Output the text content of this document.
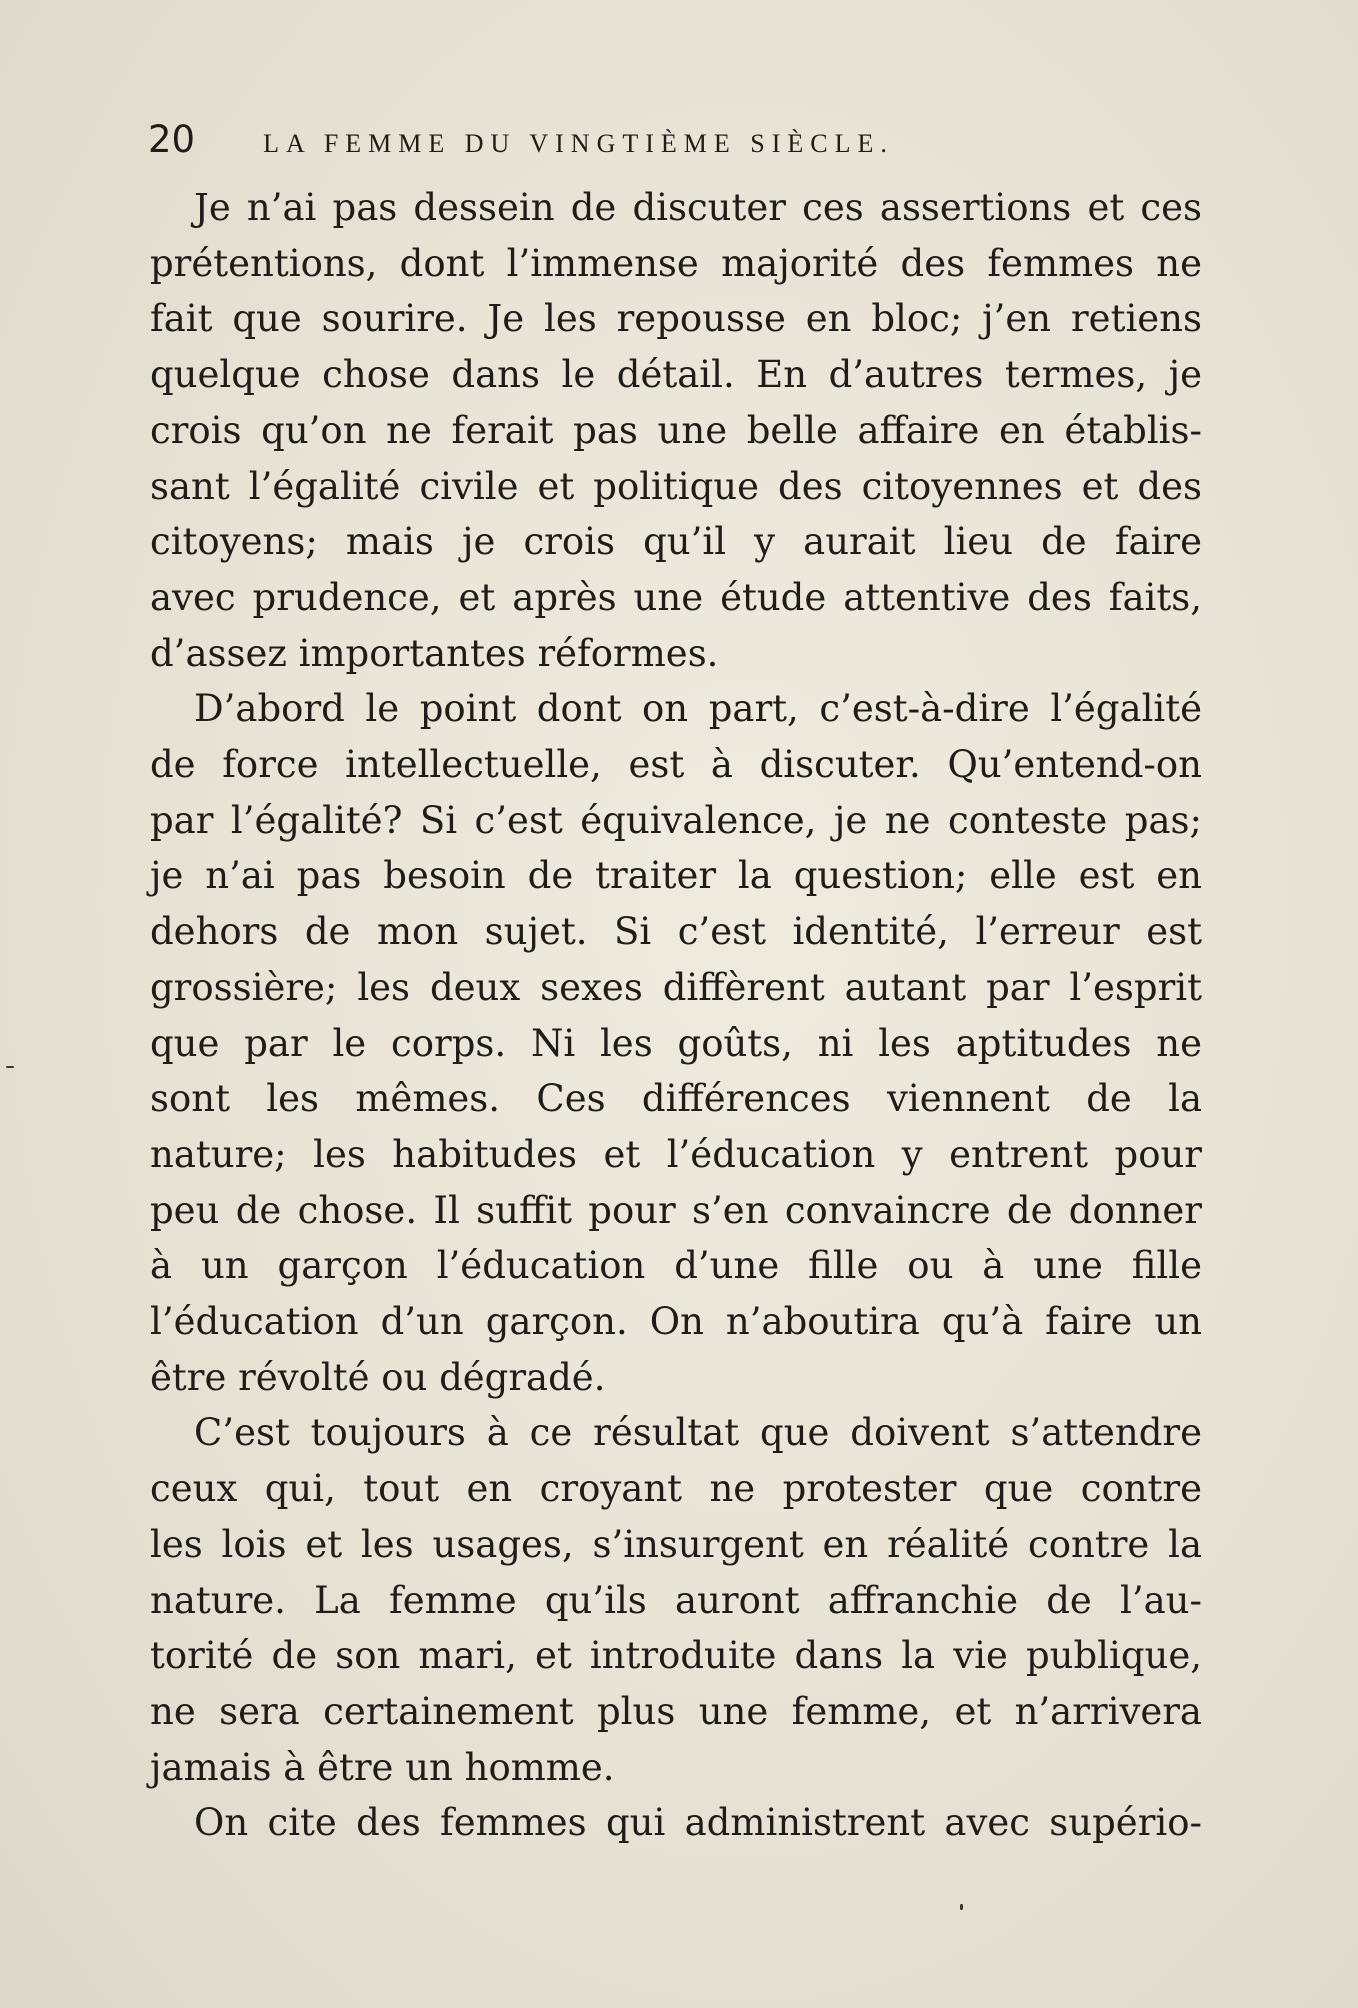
20	LA FEMME DU VINGTIÈME SIÈCLE.

Je n’ai pas dessein de discuter ces assertions et ces
prétentions, dont l’immense majorité des femmes ne
fait que sourire. Je les repousse en bloc; j’en retiens
quelque chose dans le détail. En d’autres termes, je
crois qu’on ne ferait pas une belle affaire en établis-
sant l’égalité civile et politique des citoyennes et des
citoyens; mais je crois qu’il y aurait lieu de faire
avec prudence, et après une étude attentive des faits,
d’assez importantes réformes.

D’abord le point dont on part, c’est-à-dire l’égalité
de force intellectuelle, est à discuter. Qu’entend-on
par l’égalité? Si c’est équivalence, je ne conteste pas;
je n’ai pas besoin de traiter la question; elle est en
dehors de mon sujet. Si c’est identité, l’erreur est
grossière; les deux sexes diffèrent autant par l’esprit
que par le corps. Ni les goûts, ni les aptitudes ne
sont les mêmes. Ces différences viennent de la
nature; les habitudes et l’éducation y entrent pour
peu de chose. Il suffit pour s’en convaincre de donner
à un garçon l’éducation d’une fille ou à une fille
l’éducation d’un garçon. On n’aboutira qu’à faire un
être révolté ou dégradé.

C’est toujours à ce résultat que doivent s’attendre
ceux qui, tout en croyant ne protester que contre
les lois et les usages, s’insurgent en réalité contre la
nature. La femme qu’ils auront affranchie de l’au-
torité de son mari, et introduite dans la vie publique,
ne sera certainement plus une femme, et n’arrivera
jamais à être un homme.

On cite des femmes qui administrent avec supério-
